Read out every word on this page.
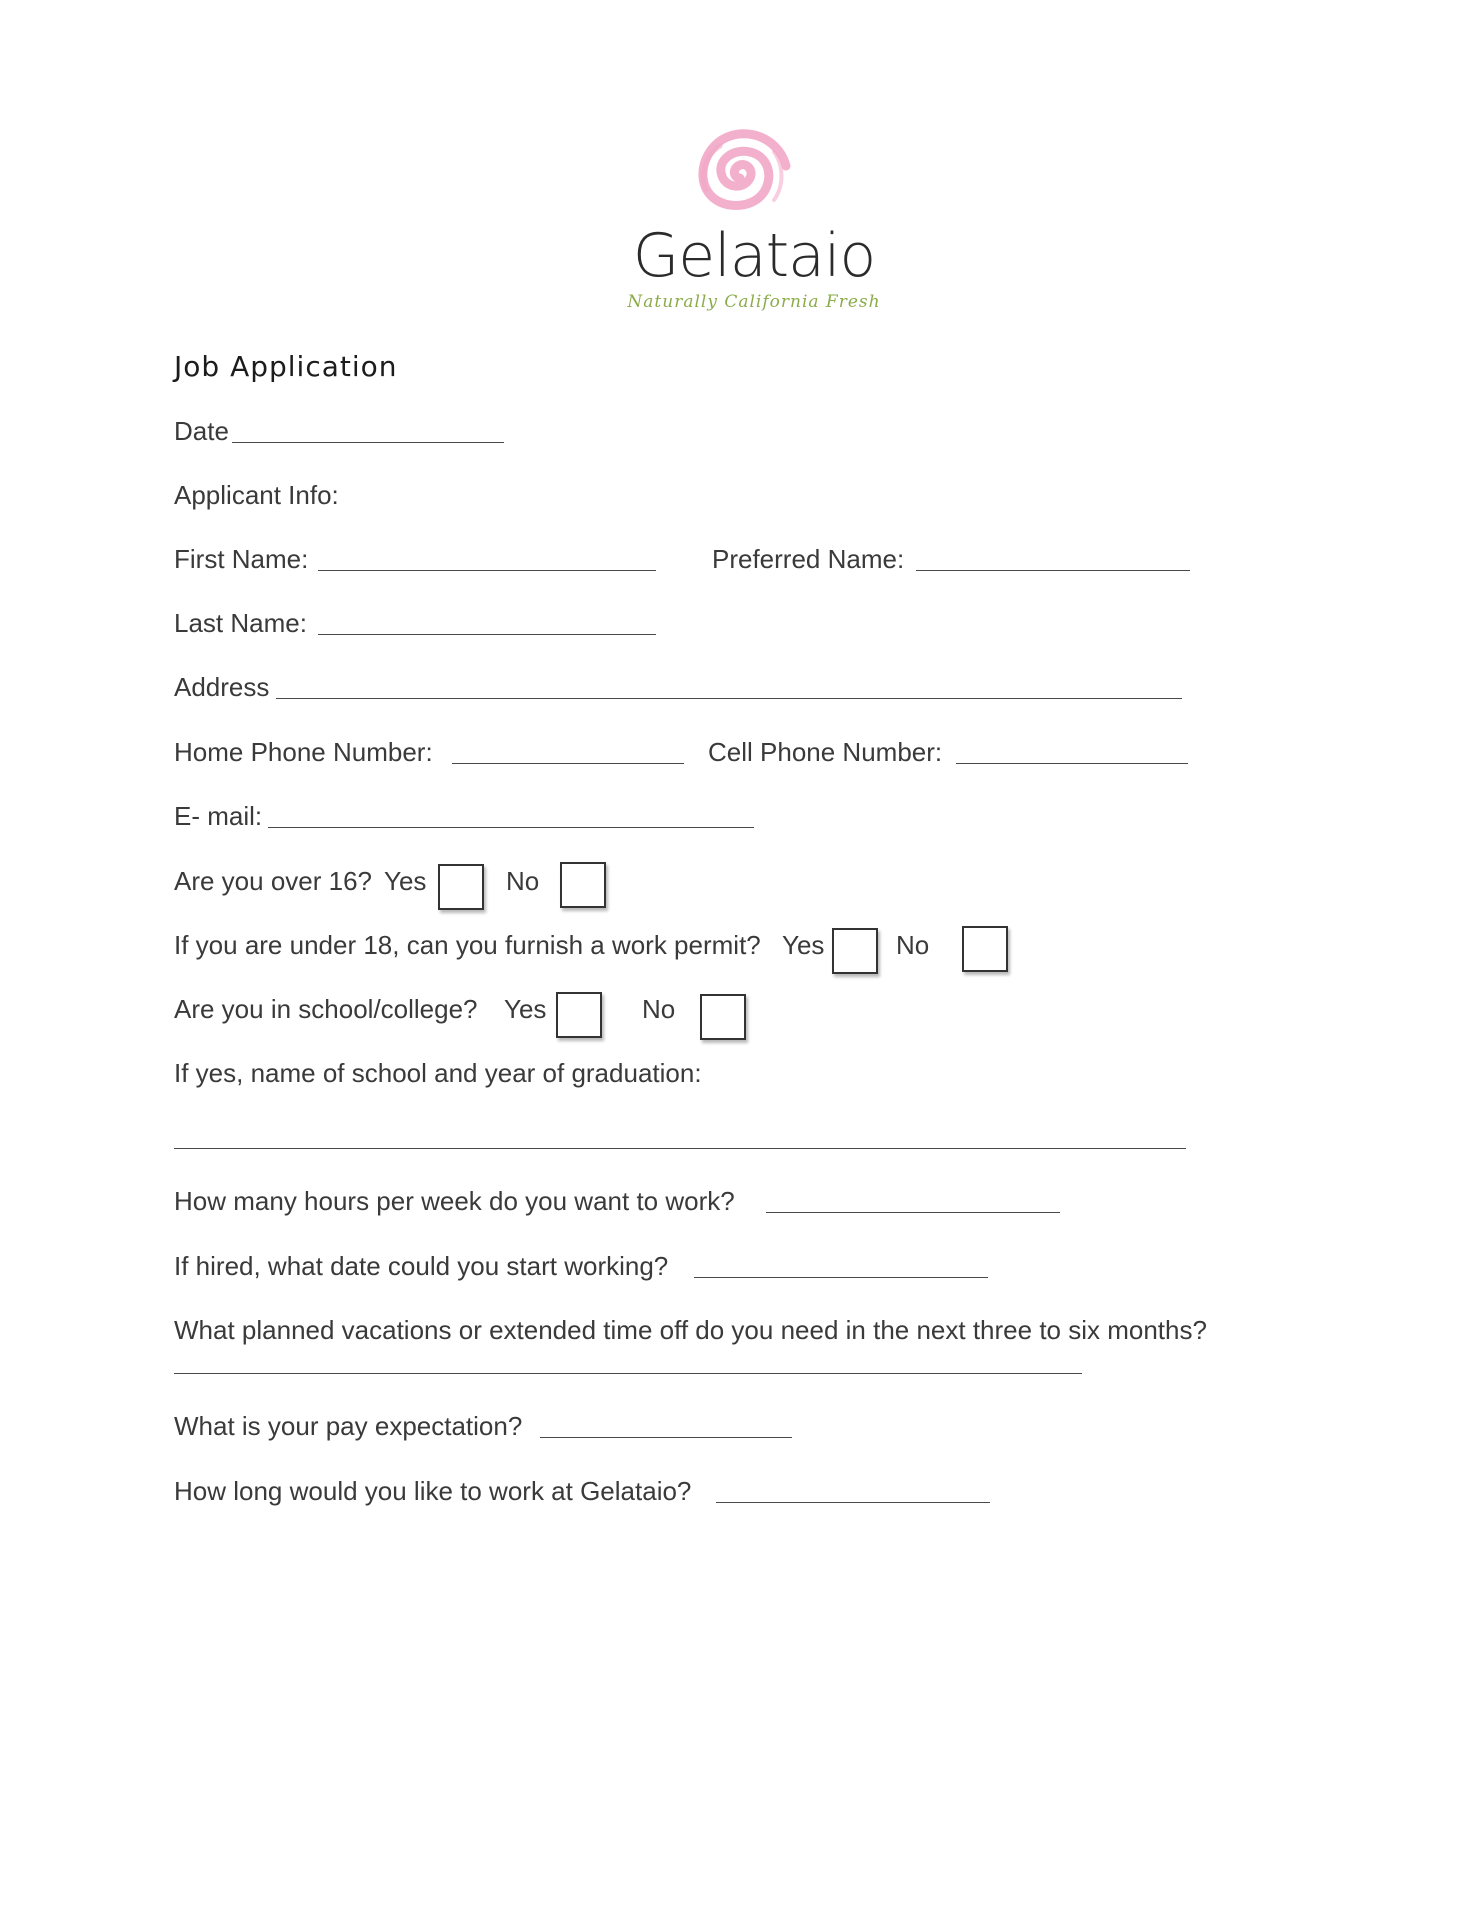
Gelataio
Naturally California Fresh
Job Application
Date
Applicant Info:
First Name:	Preferred Name:
Last Name:
Address
Home Phone Number:	Cell Phone Number:
E- mail:
Are you over 16? Yes	No
If you are under 18, can you furnish a work permit? Yes	No
Are you in school/college? Yes	No
If yes, name of school and year of graduation:
How many hours per week do you want to work?
If hired, what date could you start working?
What planned vacations or extended time off do you need in the next three to six months?
What is your pay expectation?
How long would you like to work at Gelataio?
